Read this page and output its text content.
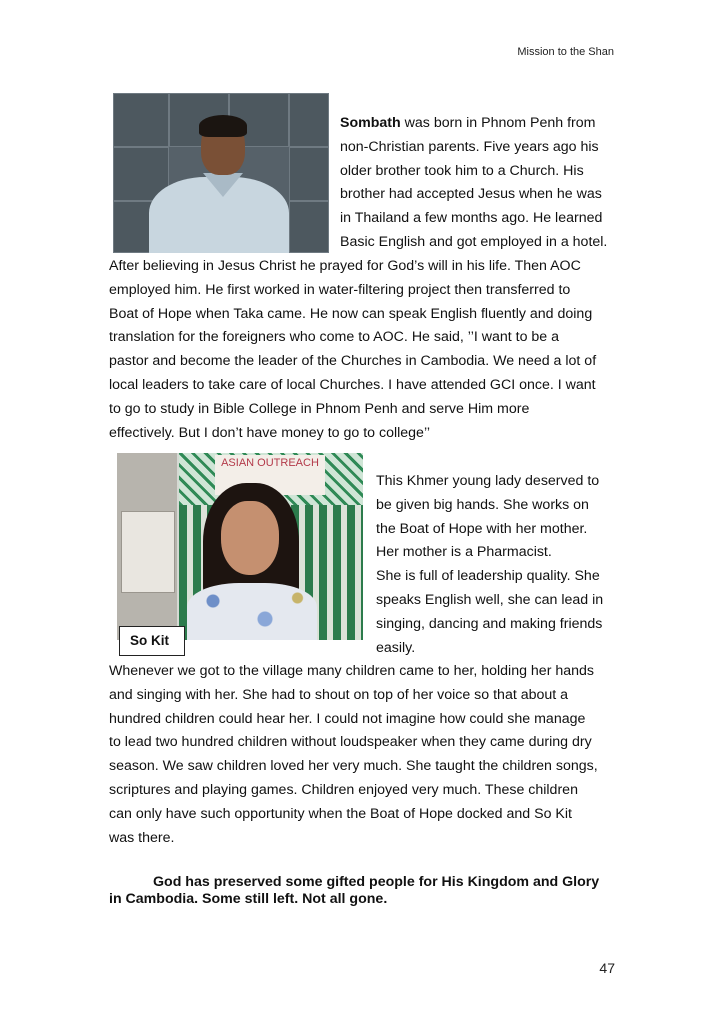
Mission to the Shan
Sombath was born in Phnom Penh from
non-Christian parents. Five years ago his
older brother took him to a Church. His
brother had accepted Jesus when he was
in Thailand a few months ago. He learned
Basic English and got employed in a hotel.
After believing in Jesus Christ he prayed for God’s will in his life. Then AOC
employed him. He first worked in water-filtering project then transferred to
Boat of Hope when Taka came. He now can speak English fluently and doing
translation for the foreigners who come to AOC. He said, ’’I want to be a
pastor and become the leader of the Churches in Cambodia. We need a lot of
local leaders to take care of local Churches. I have attended GCI once. I want
to go to study in Bible College in Phnom Penh and serve Him more
effectively. But I don’t have money to go to college’’
ASIAN OUTREACH
So Kit
This Khmer young lady deserved to
be given big hands. She works on
the Boat of Hope with her mother.
Her mother is a Pharmacist.
She is full of leadership quality. She
speaks English well, she can lead in
singing, dancing and making friends
easily.
Whenever we got to the village many children came to her, holding her hands
and singing with her. She had to shout on top of her voice so that about a
hundred children could hear her. I could not imagine how could she manage
to lead two hundred children without loudspeaker when they came during dry
season. We saw children loved her very much. She taught the children songs,
scriptures and playing games. Children enjoyed very much. These children
can only have such opportunity when the Boat of Hope docked and So Kit
was there.
God has preserved some gifted people for His Kingdom and Glory
in Cambodia. Some still left. Not all gone.
47
